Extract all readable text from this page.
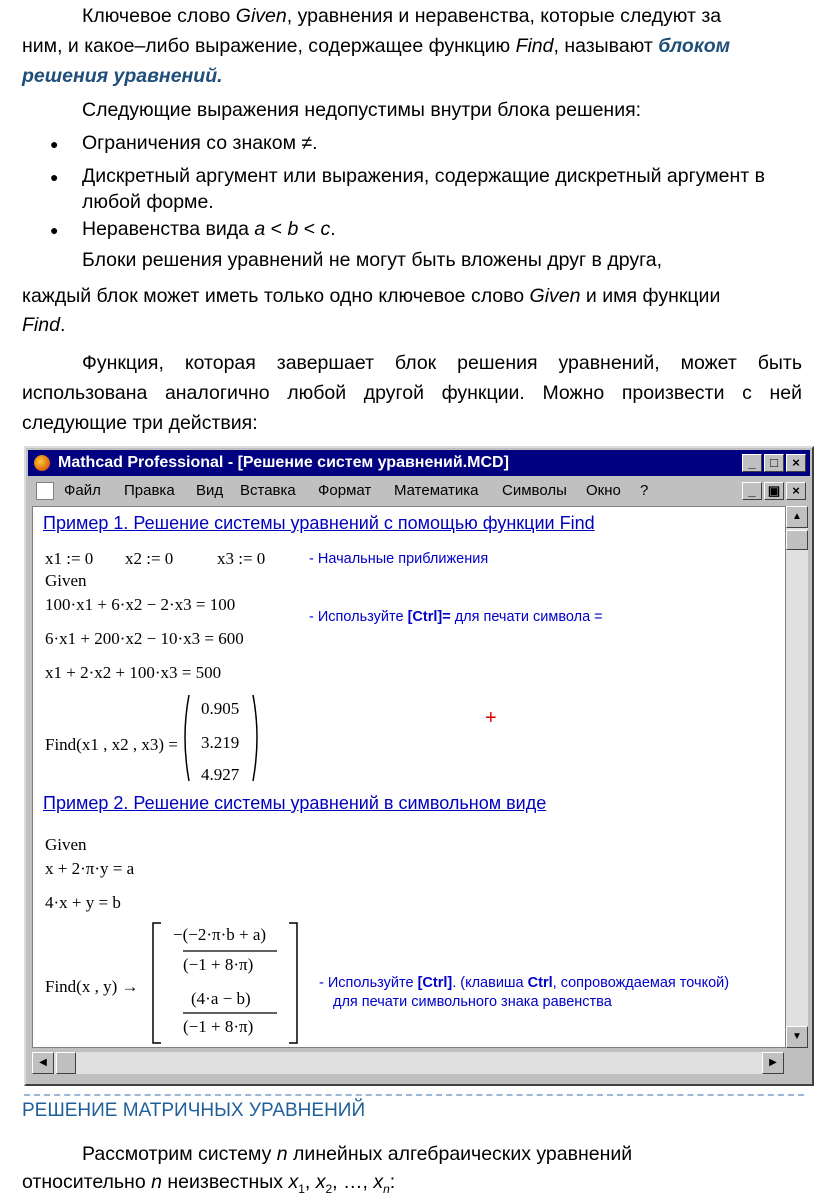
Ключевое слово Given, уравнения и неравенства, которые следуют за
ним, и какое–либо выражение, содержащее функцию Find, называют блоком
решения уравнений.
Следующие выражения недопустимы внутри блока решения:
● Ограничения со знаком ≠.
● Дискретный аргумент или выражения, содержащие дискретный аргумент в любой форме.
● Неравенства вида a < b < c.
Блоки решения уравнений не могут быть вложены друг в друга,
каждый блок может иметь только одно ключевое слово Given и имя функции
Find.
Функция, которая завершает блок решения уравнений, может быть использована аналогично любой другой функции. Можно произвести с ней следующие три действия:
Mathcad Professional - [Решение систем уравнений.MCD]	_	□	×
Файл Правка Вид Вставка Формат Математика Символы Окно ?	_ ▣ ×
Пример 1. Решение системы уравнений с помощью функции Find
x1 := 0 x2 := 0	x3 := 0	- Начальные приближения
Given
100·x1 + 6·x2 − 2·x3 = 100
- Используйте [Ctrl]= для печати символа =
6·x1 + 200·x2 − 10·x3 = 600
x1 + 2·x2 + 100·x3 = 500
Find(x1 , x2 , x3) =
0.905
3.219
4.927
+
Пример 2. Решение системы уравнений в символьном виде
Given
x + 2·π·y = a
4·x + y = b
Find(x , y) →
−(−2·π·b + a)
(−1 + 8·π)
(4·a − b)
(−1 + 8·π)
- Используйте [Ctrl]. (клавиша Ctrl, сопровождаемая точкой)
для печати символьного знака равенства
▲
▼
◀	▶
РЕШЕНИЕ МАТРИЧНЫХ УРАВНЕНИЙ
Рассмотрим систему n линейных алгебраических уравнений
относительно n неизвестных $x_1$, $x_2$, …, $x_n$:
